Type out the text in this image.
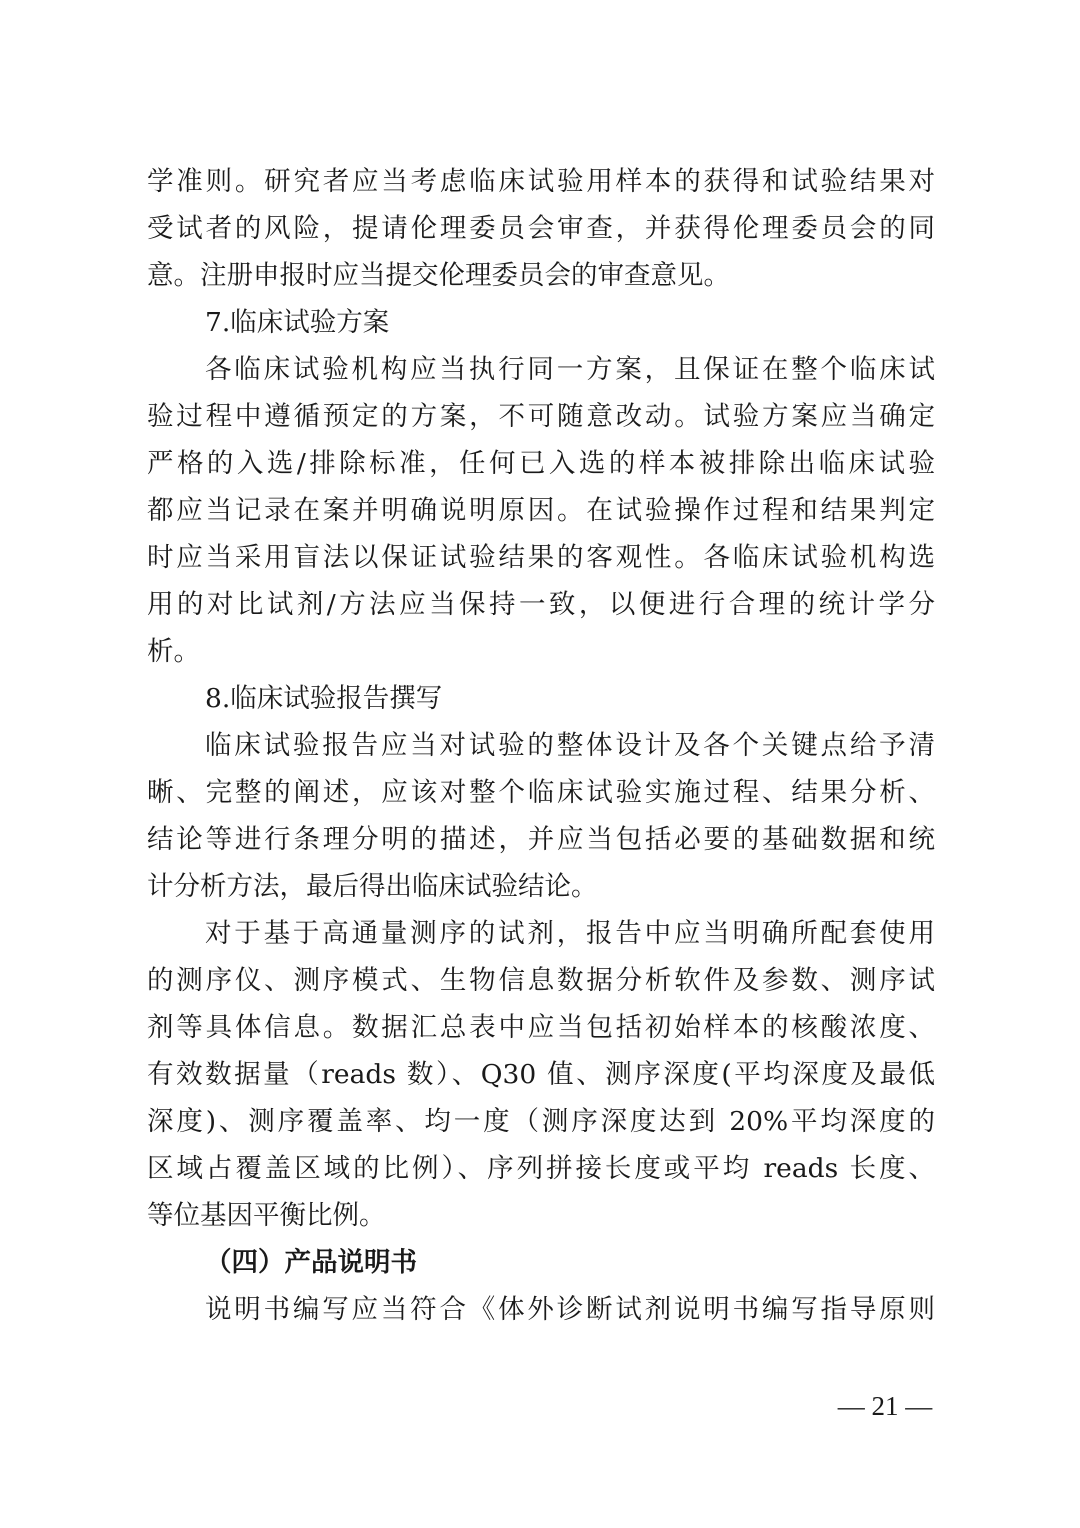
学准则。研究者应当考虑临床试验用样本的获得和试验结果对

受试者的风险，提请伦理委员会审查，并获得伦理委员会的同

意。注册申报时应当提交伦理委员会的审查意见。

7.临床试验方案

各临床试验机构应当执行同一方案，且保证在整个临床试

验过程中遵循预定的方案，不可随意改动。试验方案应当确定

严格的入选/排除标准，任何已入选的样本被排除出临床试验

都应当记录在案并明确说明原因。在试验操作过程和结果判定

时应当采用盲法以保证试验结果的客观性。各临床试验机构选

用的对比试剂/方法应当保持一致，以便进行合理的统计学分

析。

8.临床试验报告撰写

临床试验报告应当对试验的整体设计及各个关键点给予清

晰、完整的阐述，应该对整个临床试验实施过程、结果分析、

结论等进行条理分明的描述，并应当包括必要的基础数据和统

计分析方法，最后得出临床试验结论。

对于基于高通量测序的试剂，报告中应当明确所配套使用

的测序仪、测序模式、生物信息数据分析软件及参数、测序试

剂等具体信息。数据汇总表中应当包括初始样本的核酸浓度、

有效数据量（reads 数）、Q30 值、测序深度(平均深度及最低

深度)、测序覆盖率、均一度（测序深度达到 20%平均深度的

区域占覆盖区域的比例）、序列拼接长度或平均 reads 长度、

等位基因平衡比例。

（四）产品说明书

说明书编写应当符合《体外诊断试剂说明书编写指导原则

— 21 —
